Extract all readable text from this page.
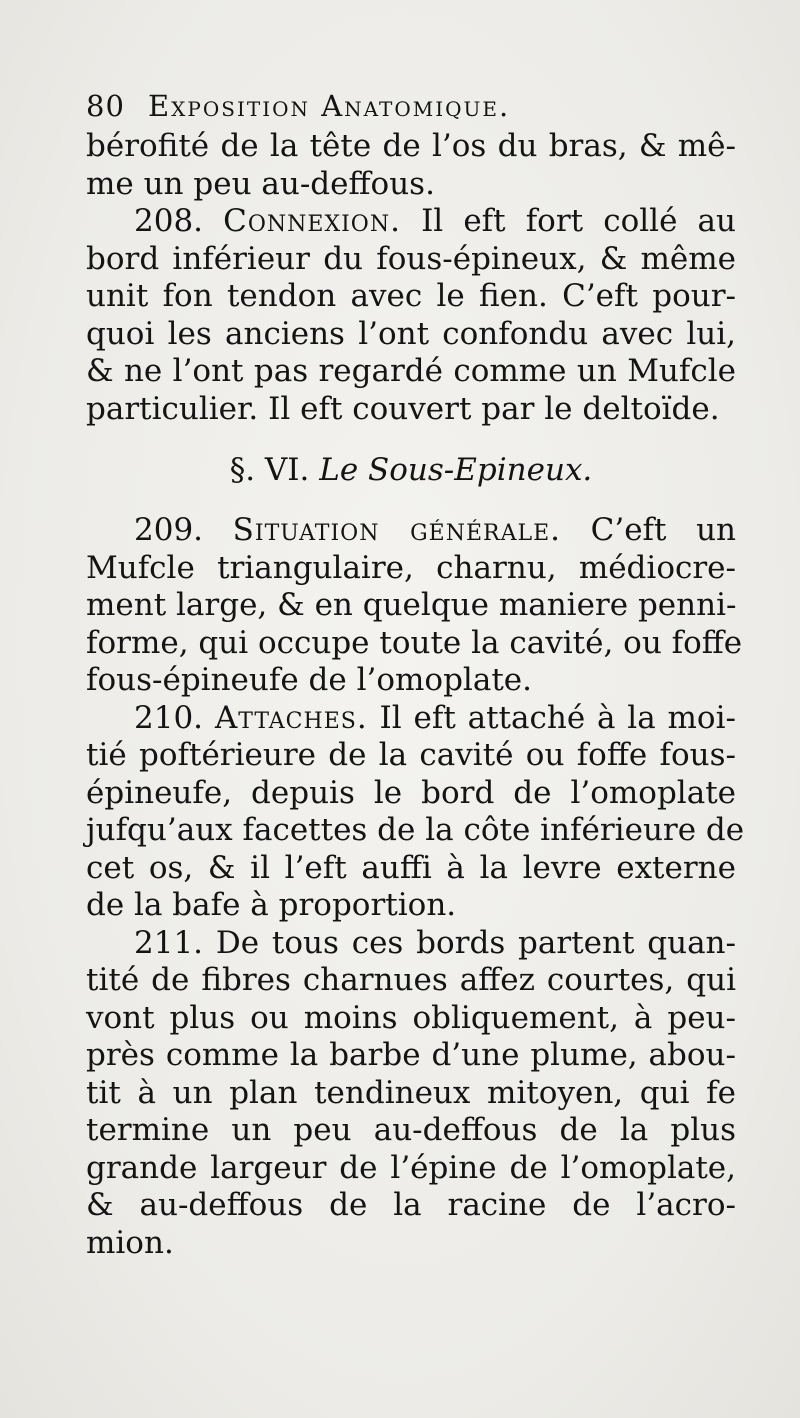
80 Exposition Anatomique.
bérofité de la tête de l’os du bras, & mê-
me un peu au-deffous.
208. Connexion. Il eft fort collé au
bord inférieur du fous-épineux, & même
unit fon tendon avec le fien. C’eft pour-
quoi les anciens l’ont confondu avec lui,
& ne l’ont pas regardé comme un Mufcle
particulier. Il eft couvert par le deltoïde.
§. VI. Le Sous-Epineux.
209. Situation générale. C’eft un
Mufcle triangulaire, charnu, médiocre-
ment large, & en quelque maniere penni-
forme, qui occupe toute la cavité, ou foffe
fous-épineufe de l’omoplate.
210. Attaches. Il eft attaché à la moi-
tié poftérieure de la cavité ou foffe fous-
épineufe, depuis le bord de l’omoplate
jufqu’aux facettes de la côte inférieure de
cet os, & il l’eft auffi à la levre externe
de la bafe à proportion.
211. De tous ces bords partent quan-
tité de fibres charnues affez courtes, qui
vont plus ou moins obliquement, à peu-
près comme la barbe d’une plume, abou-
tit à un plan tendineux mitoyen, qui fe
termine un peu au-deffous de la plus
grande largeur de l’épine de l’omoplate,
& au-deffous de la racine de l’acro-
mion.
